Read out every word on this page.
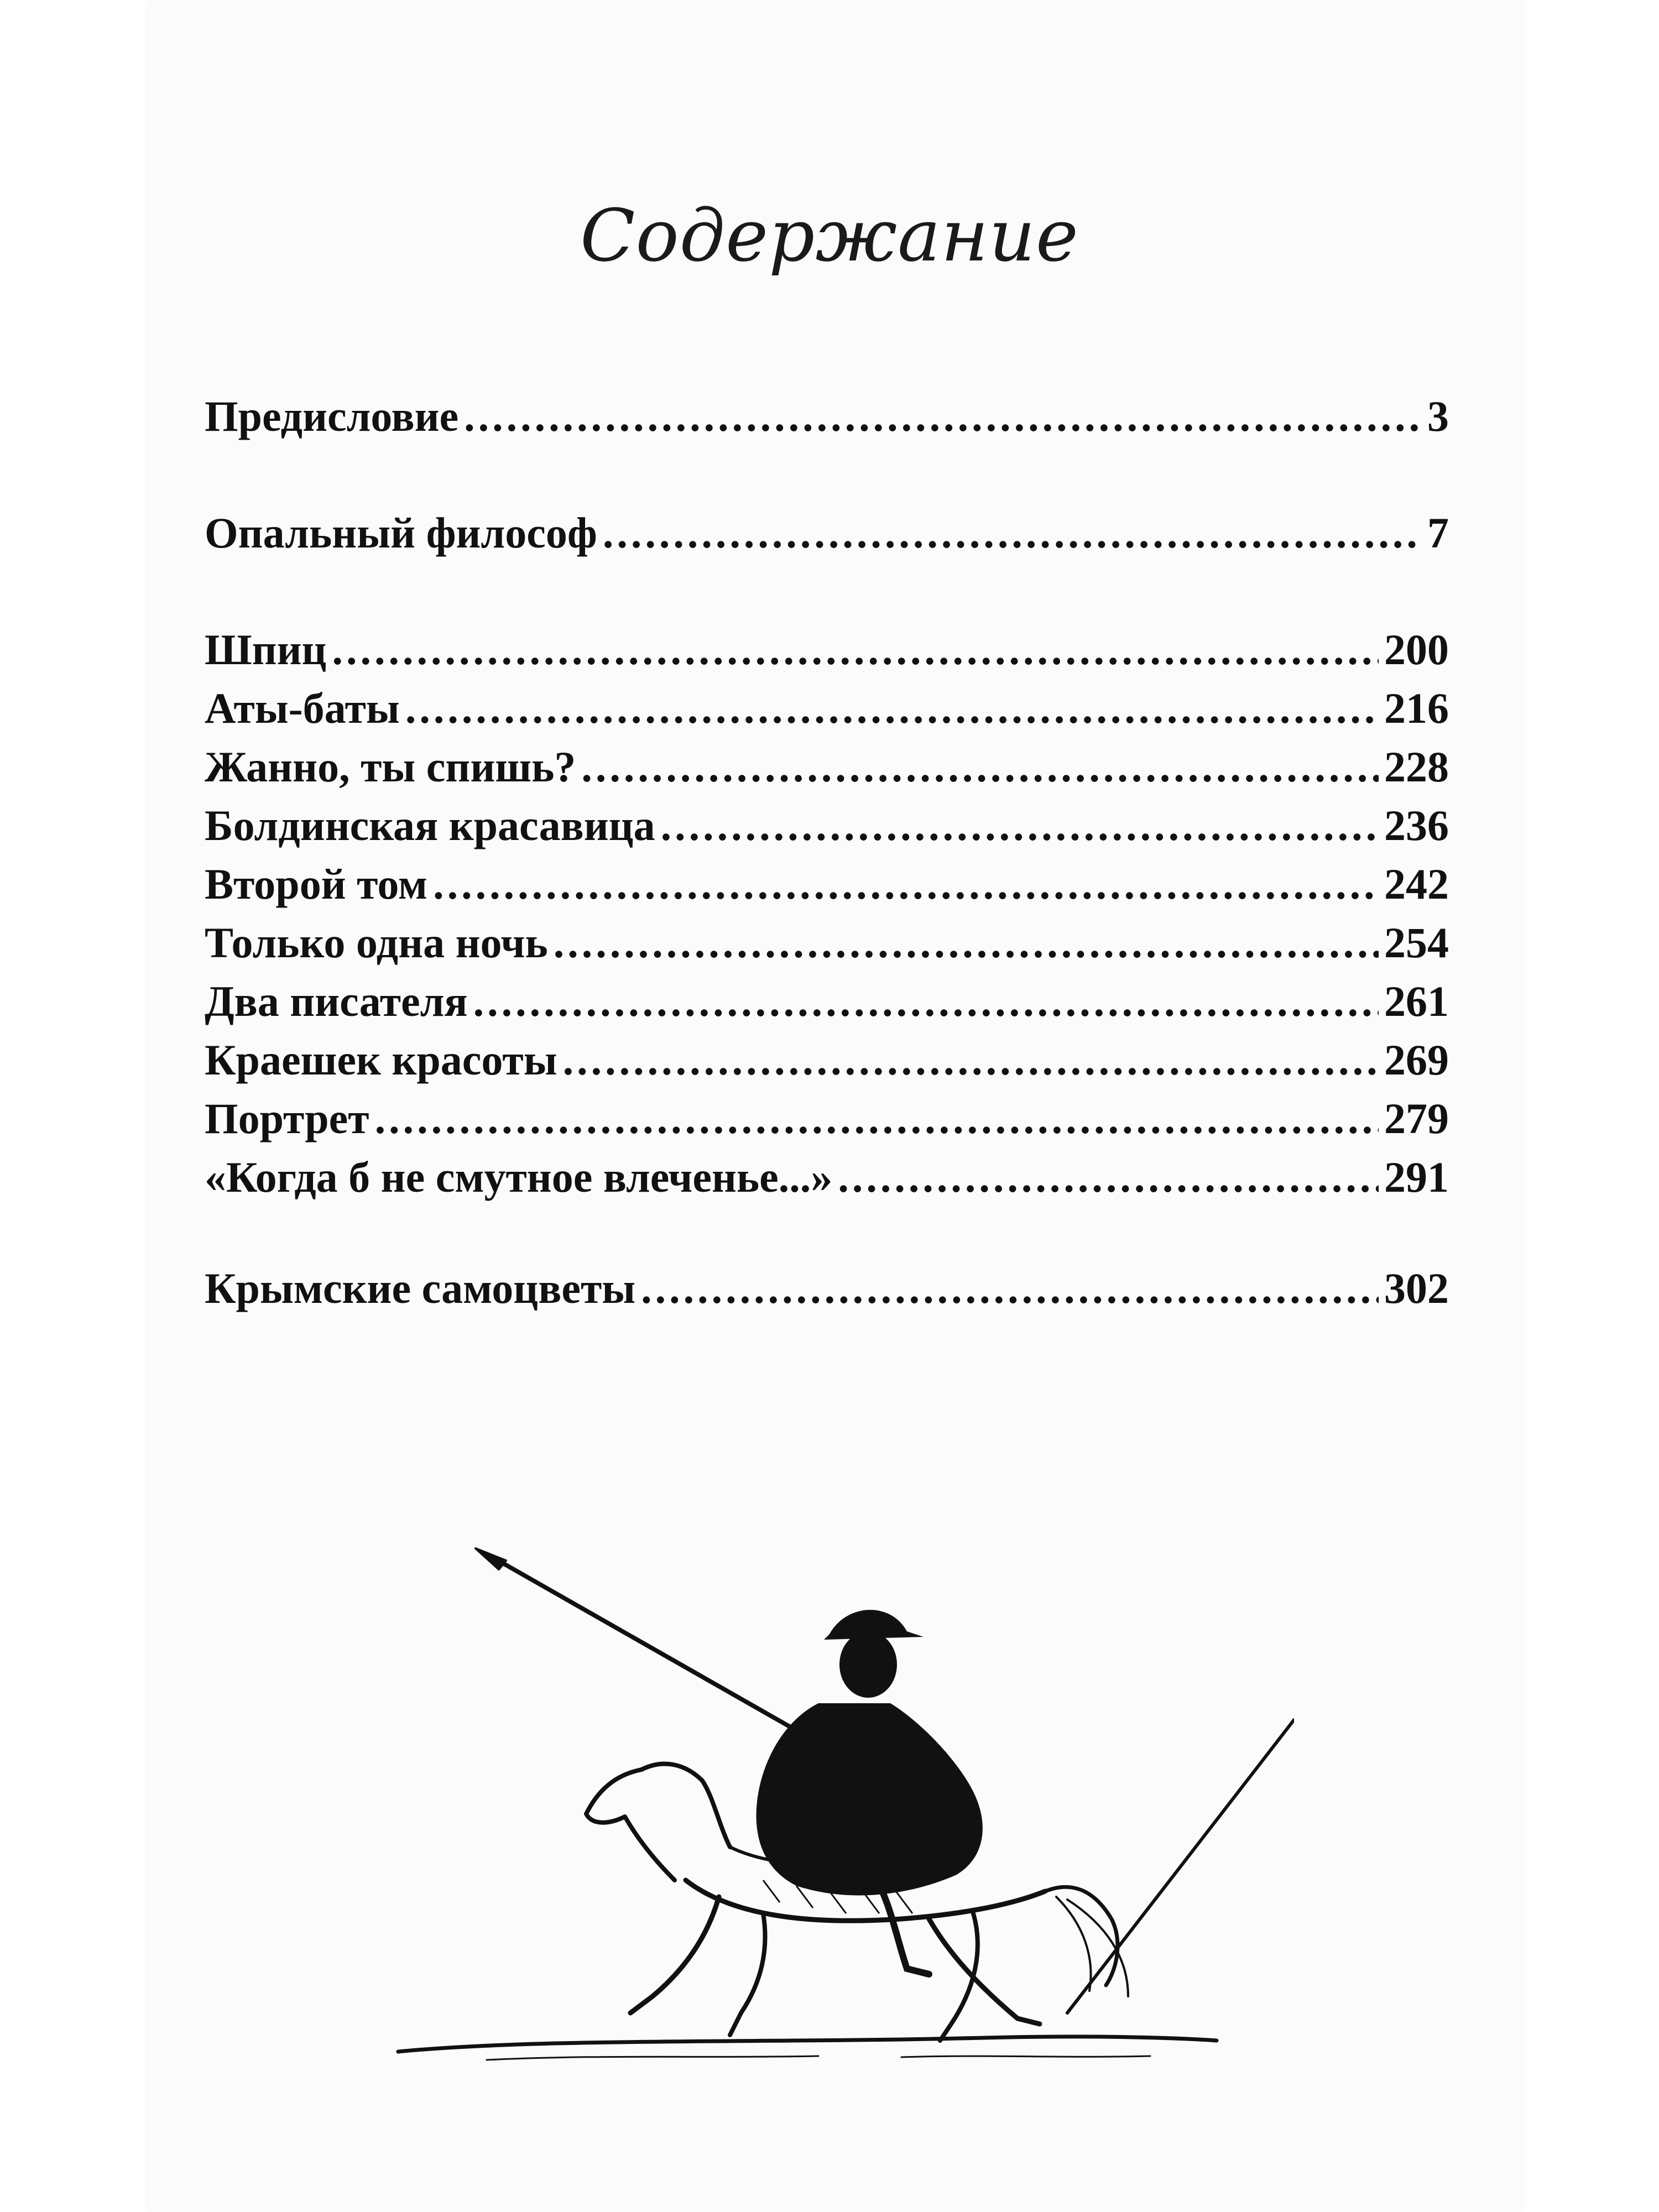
Содержание
Предисловие .....	3
Опальный философ .....	7
Шпиц .....	200
Аты-баты .....	216
Жанно, ты спишь? .....	228
Болдинская красавица .....	236
Второй том .....	242
Только одна ночь .....	254
Два писателя .....	261
Краешек красоты .....	269
Портрет .....	279
«Когда б не смутное влеченье...» .....	291
Крымские самоцветы .....	302
